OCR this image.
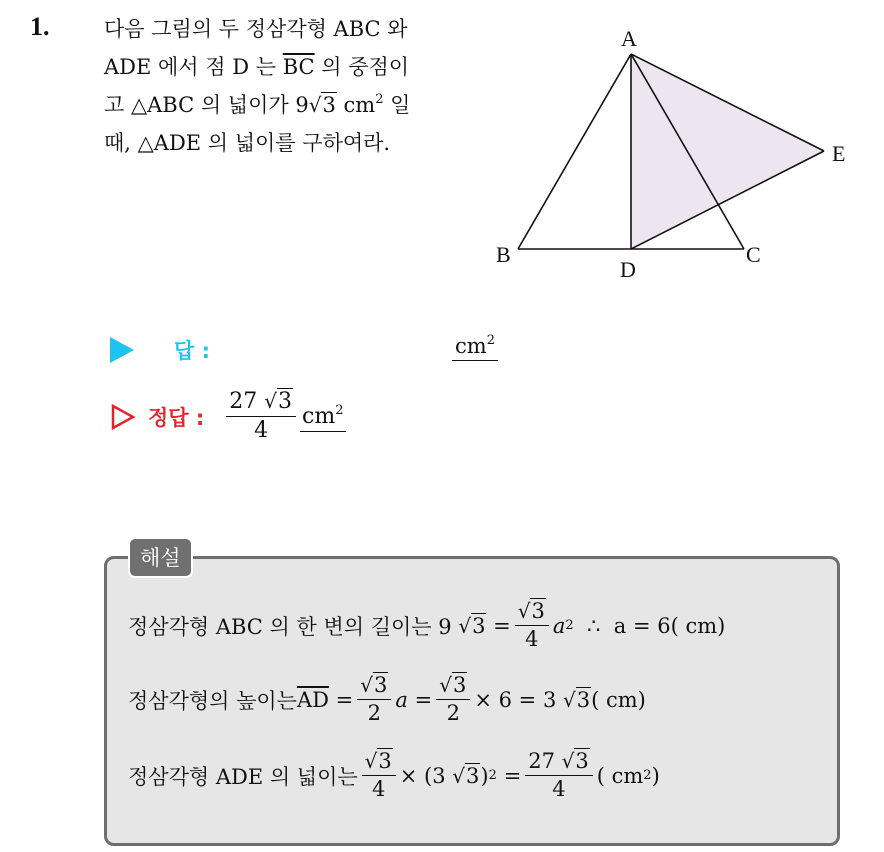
1.	다음 그림의 두 정삼각형 ABC 와
ADE 에서 점 D 는 $\overline{BC}$ 의 중점이
고 △ABC 의 넓이가 9√3 $cm^2$ 일
때, △ADE 의 넓이를 구하여라.
A
B	C
D
E
답 :	$cm^2$
정답 : $\frac{27 √3}{4} cm^2$
해설
정삼각형 ABC 의 한 변의 길이는 9
√3
= $\frac{√3}{4}$ a 2
∴
a = 6( cm)
정삼각형의 높이는 $\overline{AD}$
= $\frac{√3}{2}$ a
= $\frac{√3}{2} \times 6 = 3$
√3 ( cm)
정삼각형 ADE 의 넓이는 $\frac{√3}{4} \times (3$
√3 ) 2
= $\frac{27 √3}{4}$ ( cm 2 )
